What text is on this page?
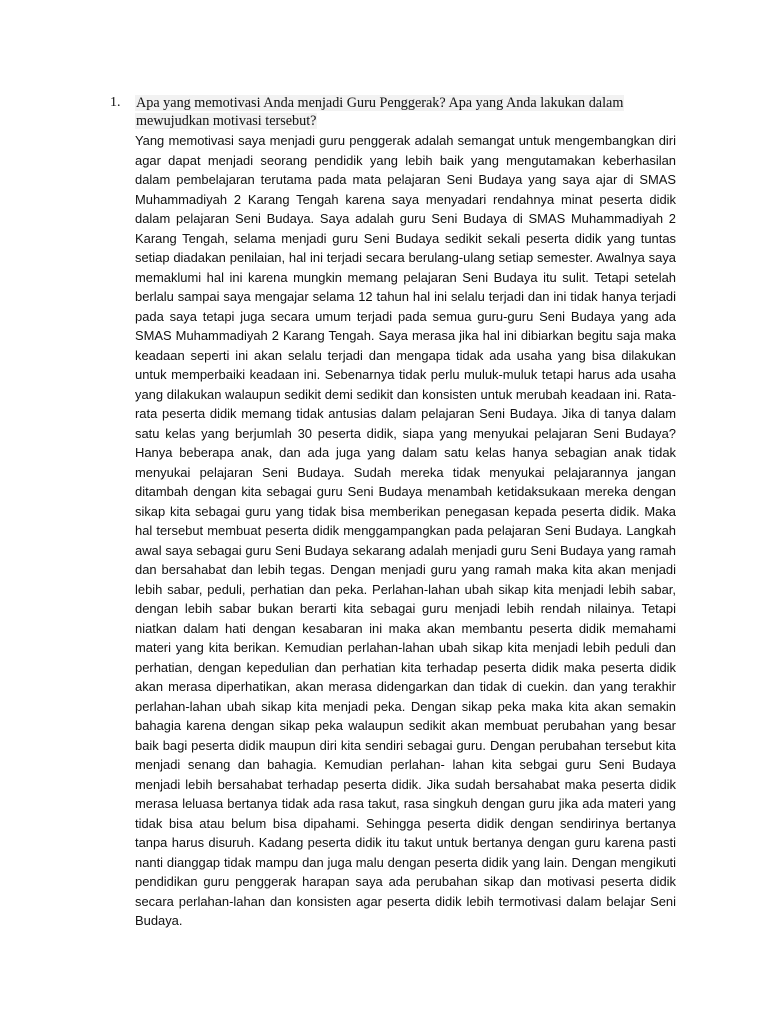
1. Apa yang memotivasi Anda menjadi Guru Penggerak? Apa yang Anda lakukan dalam
mewujudkan motivasi tersebut?
Yang memotivasi saya menjadi guru penggerak adalah semangat untuk mengembangkan diri agar dapat menjadi seorang pendidik yang lebih baik yang mengutamakan keberhasilan dalam pembelajaran terutama pada mata pelajaran Seni Budaya yang saya ajar di SMAS Muhammadiyah 2 Karang Tengah karena saya menyadari rendahnya minat peserta didik dalam pelajaran Seni Budaya. Saya adalah guru Seni Budaya di SMAS Muhammadiyah 2 Karang Tengah, selama menjadi guru Seni Budaya sedikit sekali peserta didik yang tuntas setiap diadakan penilaian, hal ini terjadi secara berulang-ulang setiap semester. Awalnya saya memaklumi hal ini karena mungkin memang pelajaran Seni Budaya itu sulit. Tetapi setelah berlalu sampai saya mengajar selama 12 tahun hal ini selalu terjadi dan ini tidak hanya terjadi pada saya tetapi juga secara umum terjadi pada semua guru-guru Seni Budaya yang ada SMAS Muhammadiyah 2 Karang Tengah. Saya merasa jika hal ini dibiarkan begitu saja maka keadaan seperti ini akan selalu terjadi dan mengapa tidak ada usaha yang bisa dilakukan untuk memperbaiki keadaan ini. Sebenarnya tidak perlu muluk-muluk tetapi harus ada usaha yang dilakukan walaupun sedikit demi sedikit dan konsisten untuk merubah keadaan ini. Rata-rata peserta didik memang tidak antusias dalam pelajaran Seni Budaya. Jika di tanya dalam satu kelas yang berjumlah 30 peserta didik, siapa yang menyukai pelajaran Seni Budaya? Hanya beberapa anak, dan ada juga yang dalam satu kelas hanya sebagian anak tidak menyukai pelajaran Seni Budaya. Sudah mereka tidak menyukai pelajarannya jangan ditambah dengan kita sebagai guru Seni Budaya menambah ketidaksukaan mereka dengan sikap kita sebagai guru yang tidak bisa memberikan penegasan kepada peserta didik. Maka hal tersebut membuat peserta didik menggampangkan pada pelajaran Seni Budaya. Langkah awal saya sebagai guru Seni Budaya sekarang adalah menjadi guru Seni Budaya yang ramah dan bersahabat dan lebih tegas. Dengan menjadi guru yang ramah maka kita akan menjadi lebih sabar, peduli, perhatian dan peka. Perlahan-lahan ubah sikap kita menjadi lebih sabar, dengan lebih sabar bukan berarti kita sebagai guru menjadi lebih rendah nilainya. Tetapi niatkan dalam hati dengan kesabaran ini maka akan membantu peserta didik memahami materi yang kita berikan. Kemudian perlahan-lahan ubah sikap kita menjadi lebih peduli dan perhatian, dengan kepedulian dan perhatian kita terhadap peserta didik maka peserta didik akan merasa diperhatikan, akan merasa didengarkan dan tidak di cuekin. dan yang terakhir perlahan-lahan ubah sikap kita menjadi peka. Dengan sikap peka maka kita akan semakin bahagia karena dengan sikap peka walaupun sedikit akan membuat perubahan yang besar baik bagi peserta didik maupun diri kita sendiri sebagai guru. Dengan perubahan tersebut kita menjadi senang dan bahagia. Kemudian perlahan- lahan kita sebgai guru Seni Budaya menjadi lebih bersahabat terhadap peserta didik. Jika sudah bersahabat maka peserta didik merasa leluasa bertanya tidak ada rasa takut, rasa singkuh dengan guru jika ada materi yang tidak bisa atau belum bisa dipahami. Sehingga peserta didik dengan sendirinya bertanya tanpa harus disuruh. Kadang peserta didik itu takut untuk bertanya dengan guru karena pasti nanti dianggap tidak mampu dan juga malu dengan peserta didik yang lain. Dengan mengikuti pendidikan guru penggerak harapan saya ada perubahan sikap dan motivasi peserta didik secara perlahan-lahan dan konsisten agar peserta didik lebih termotivasi dalam belajar Seni Budaya.
